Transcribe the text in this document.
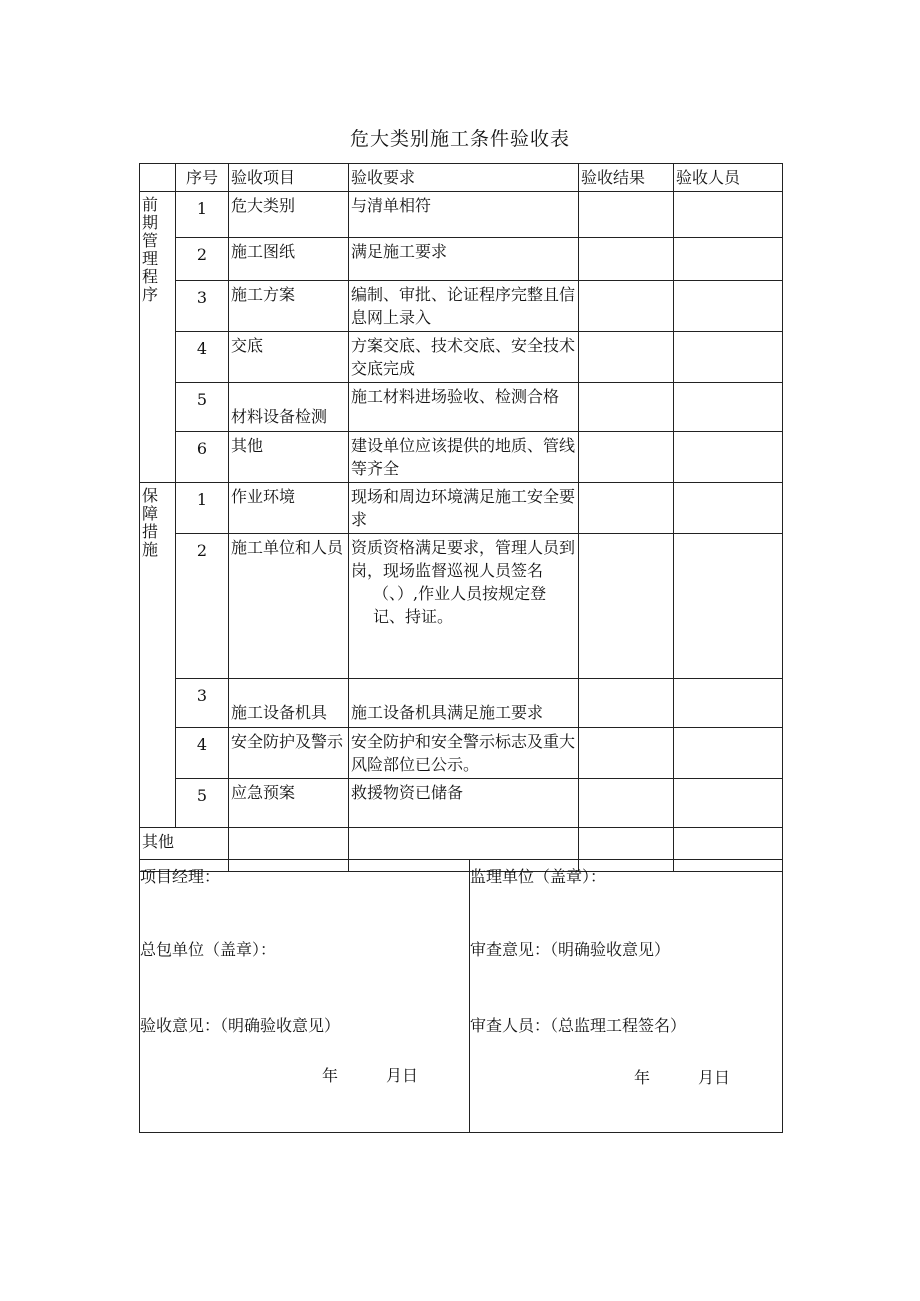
危大类别施工条件验收表
	序号	验收项目	验收要求	验收结果	验收人员

前期管理程序	1	危大类别	与清单相符		
	2	施工图纸	满足施工要求		
	3	施工方案	编制、审批、论证程序完整且信息网上录入		
	4	交底	方案交底、技术交底、安全技术交底完成		
	5	材料设备检测	施工材料进场验收、检测合格		
	6	其他	建设单位应该提供的地质、管线等齐全		

保障措施	1	作业环境	现场和周边环境满足施工安全要求		
	2	施工单位和人员	资质资格满足要求，管理人员到岗，现场监督巡视人员签名
（、）,作业人员按规定登记、持证。		

	3	施工设备机具	施工设备机具满足施工要求		
	4	安全防护及警示	安全防护和安全警示标志及重大风险部位已公示。		
	5	应急预案	救援物资已储备		
其他					
项目经理：
总包单位（盖章）：
验收意见：（明确验收意见）
年　　　月日

监理单位（盖章）：
审查意见：（明确验收意见）
审查人员：（总监理工程签名）
年　　　月日
